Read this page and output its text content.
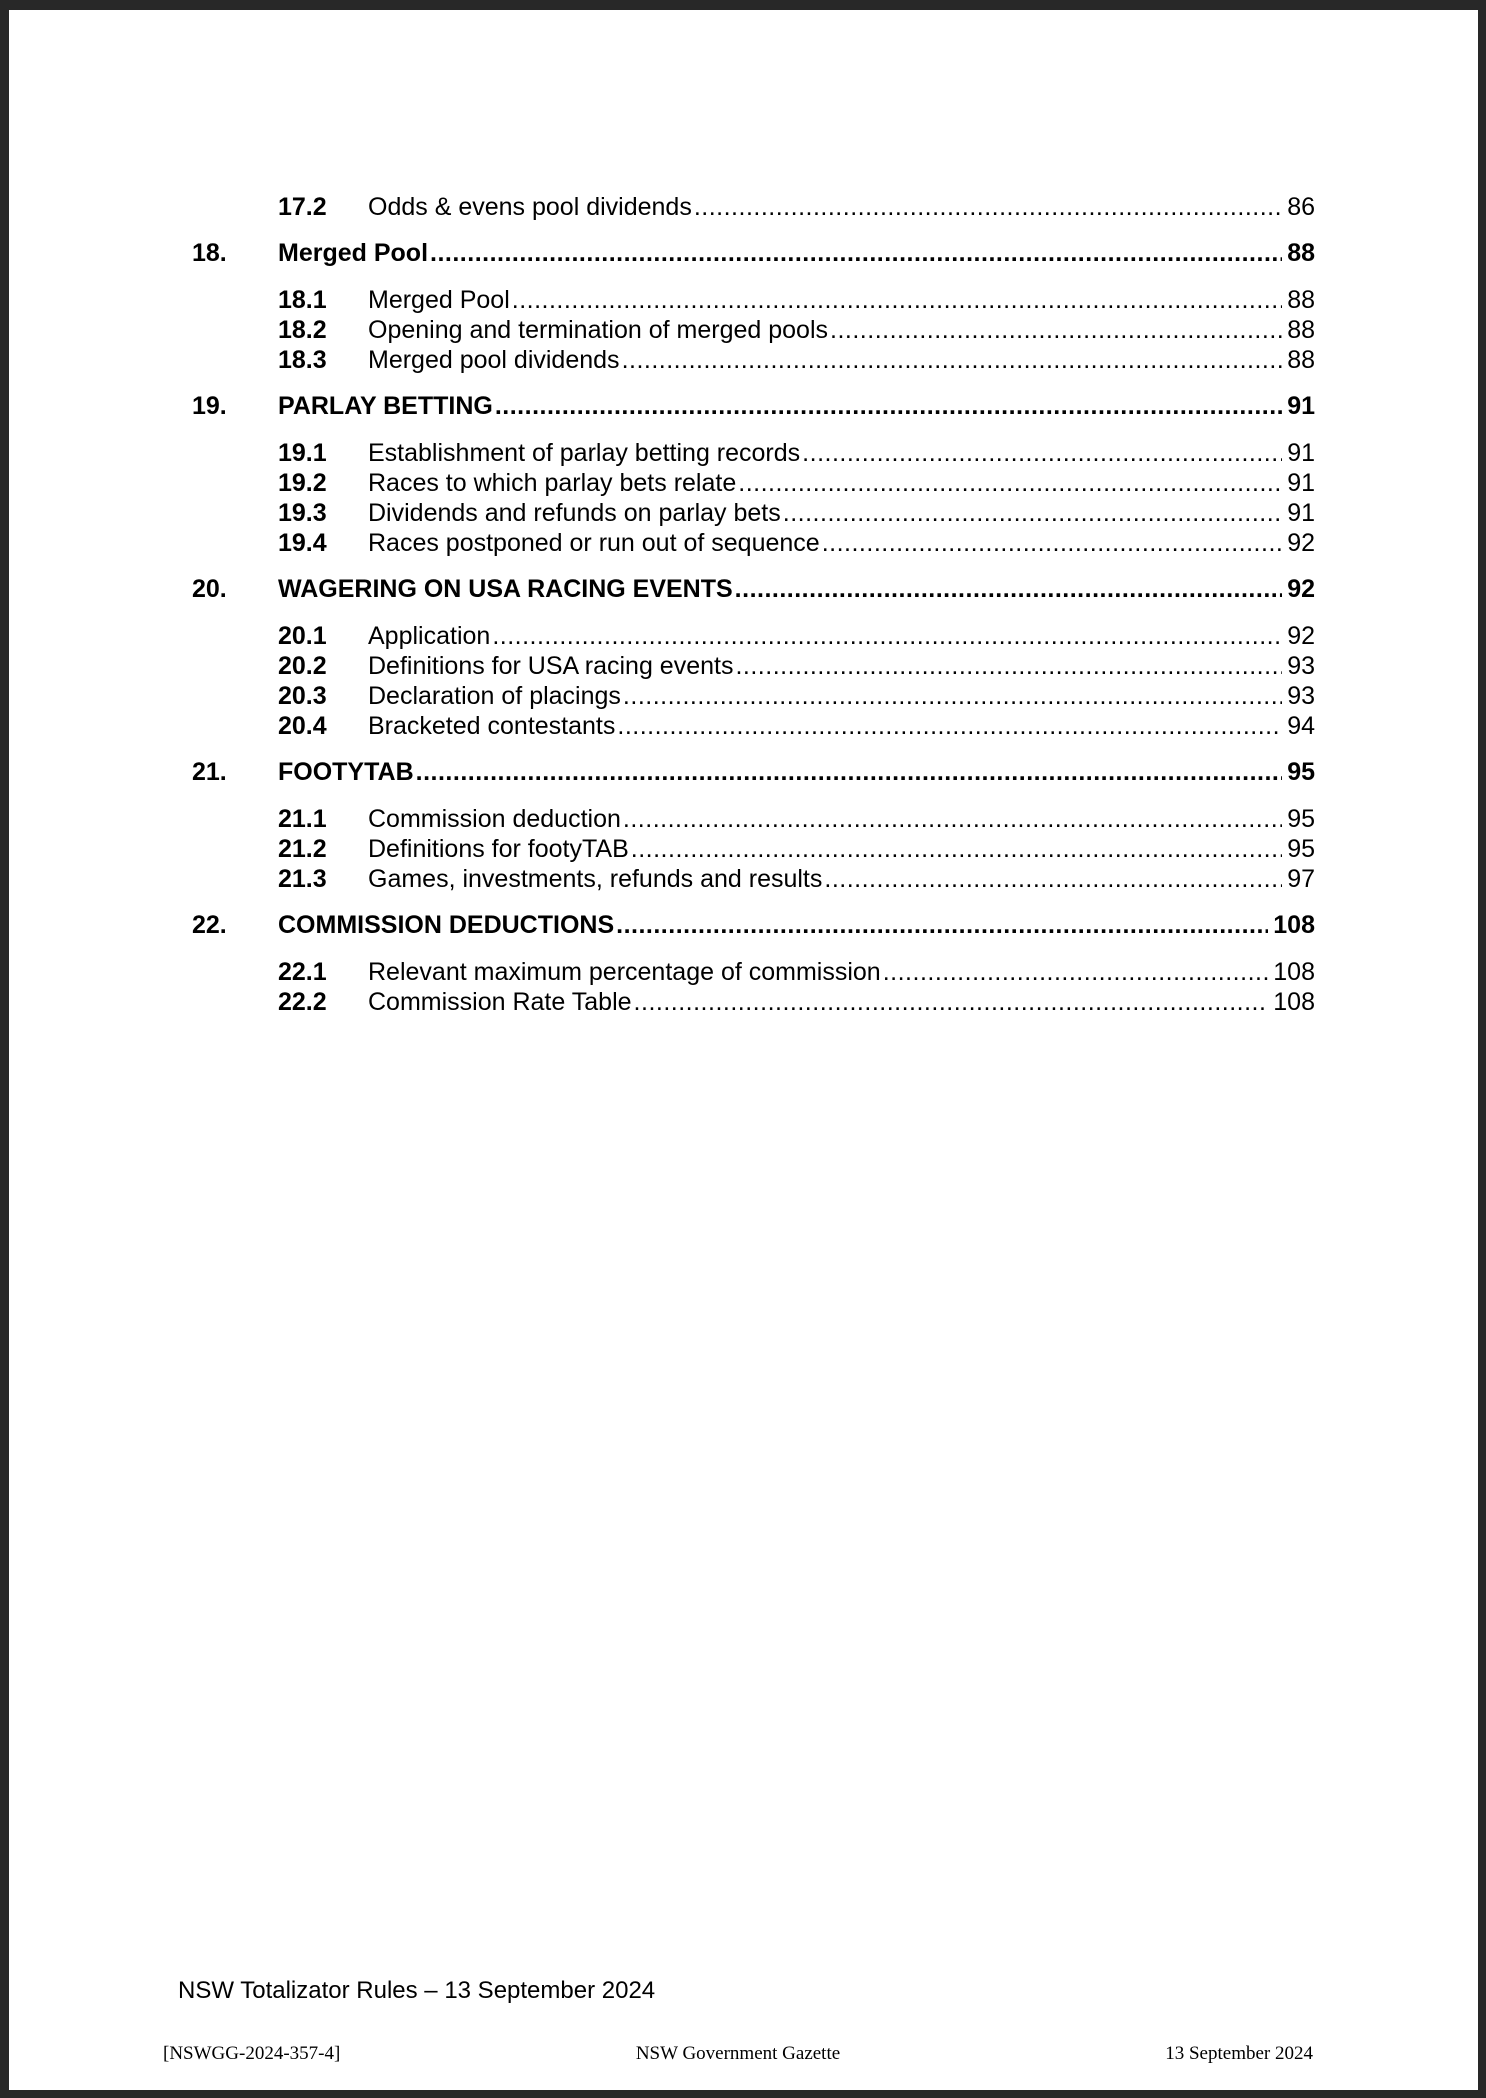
17.2	Odds & evens pool dividends .....	86
18.	Merged Pool .....	88
18.1	Merged Pool .....	88
18.2	Opening and termination of merged pools .....	88
18.3	Merged pool dividends .....	88
19.	PARLAY BETTING .....	91
19.1	Establishment of parlay betting records .....	91
19.2	Races to which parlay bets relate .....	91
19.3	Dividends and refunds on parlay bets .....	91
19.4	Races postponed or run out of sequence .....	92
20.	WAGERING ON USA RACING EVENTS .....	92
20.1	Application .....	92
20.2	Definitions for USA racing events .....	93
20.3	Declaration of placings .....	93
20.4	Bracketed contestants .....	94
21.	FOOTYTAB .....	95
21.1	Commission deduction .....	95
21.2	Definitions for footyTAB .....	95
21.3	Games, investments, refunds and results .....	97
22.	COMMISSION DEDUCTIONS .....	108
22.1	Relevant maximum percentage of commission .....	108
22.2	Commission Rate Table .....	108
NSW Totalizator Rules – 13 September 2024
[NSWGG-2024-357-4]	NSW Government Gazette	13 September 2024
